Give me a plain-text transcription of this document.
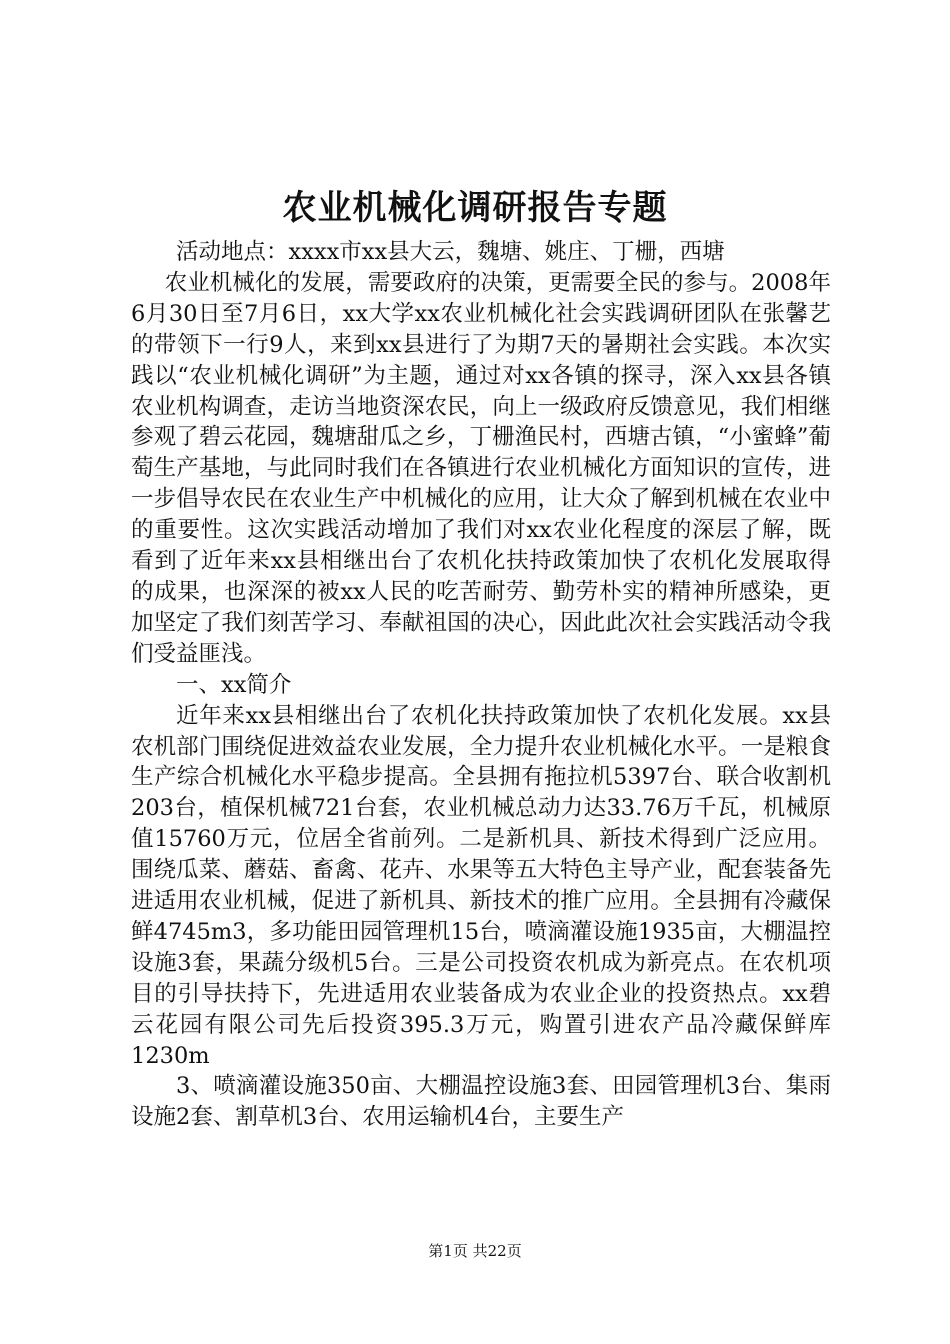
农业机械化调研报告专题

活动地点：xxxx市xx县大云，魏塘、姚庄、丁栅，西塘

农业机械化的发展，需要政府的决策，更需要全民的参与。2008年6月30日至7月6日，xx大学xx农业机械化社会实践调研团队在张馨艺的带领下一行9人，来到xx县进行了为期7天的暑期社会实践。本次实践以“农业机械化调研”为主题，通过对xx各镇的探寻，深入xx县各镇农业机构调查，走访当地资深农民，向上一级政府反馈意见，我们相继参观了碧云花园，魏塘甜瓜之乡，丁栅渔民村，西塘古镇，“小蜜蜂”葡萄生产基地，与此同时我们在各镇进行农业机械化方面知识的宣传，进一步倡导农民在农业生产中机械化的应用，让大众了解到机械在农业中的重要性。这次实践活动增加了我们对xx农业化程度的深层了解，既看到了近年来xx县相继出台了农机化扶持政策加快了农机化发展取得的成果，也深深的被xx人民的吃苦耐劳、勤劳朴实的精神所感染，更加坚定了我们刻苦学习、奉献祖国的决心，因此此次社会实践活动令我们受益匪浅。

一、xx简介

近年来xx县相继出台了农机化扶持政策加快了农机化发展。xx县农机部门围绕促进效益农业发展，全力提升农业机械化水平。一是粮食生产综合机械化水平稳步提高。全县拥有拖拉机5397台、联合收割机203台，植保机械721台套，农业机械总动力达33.76万千瓦，机械原值15760万元，位居全省前列。二是新机具、新技术得到广泛应用。围绕瓜菜、蘑菇、畜禽、花卉、水果等五大特色主导产业，配套装备先进适用农业机械，促进了新机具、新技术的推广应用。全县拥有冷藏保鲜4745m3，多功能田园管理机15台，喷滴灌设施1935亩，大棚温控设施3套，果蔬分级机5台。三是公司投资农机成为新亮点。在农机项目的引导扶持下，先进适用农业装备成为农业企业的投资热点。xx碧云花园有限公司先后投资395.3万元，购置引进农产品冷藏保鲜库1230m

3、喷滴灌设施350亩、大棚温控设施3套、田园管理机3台、集雨设施2套、割草机3台、农用运输机4台，主要生产

第1页 共22页
